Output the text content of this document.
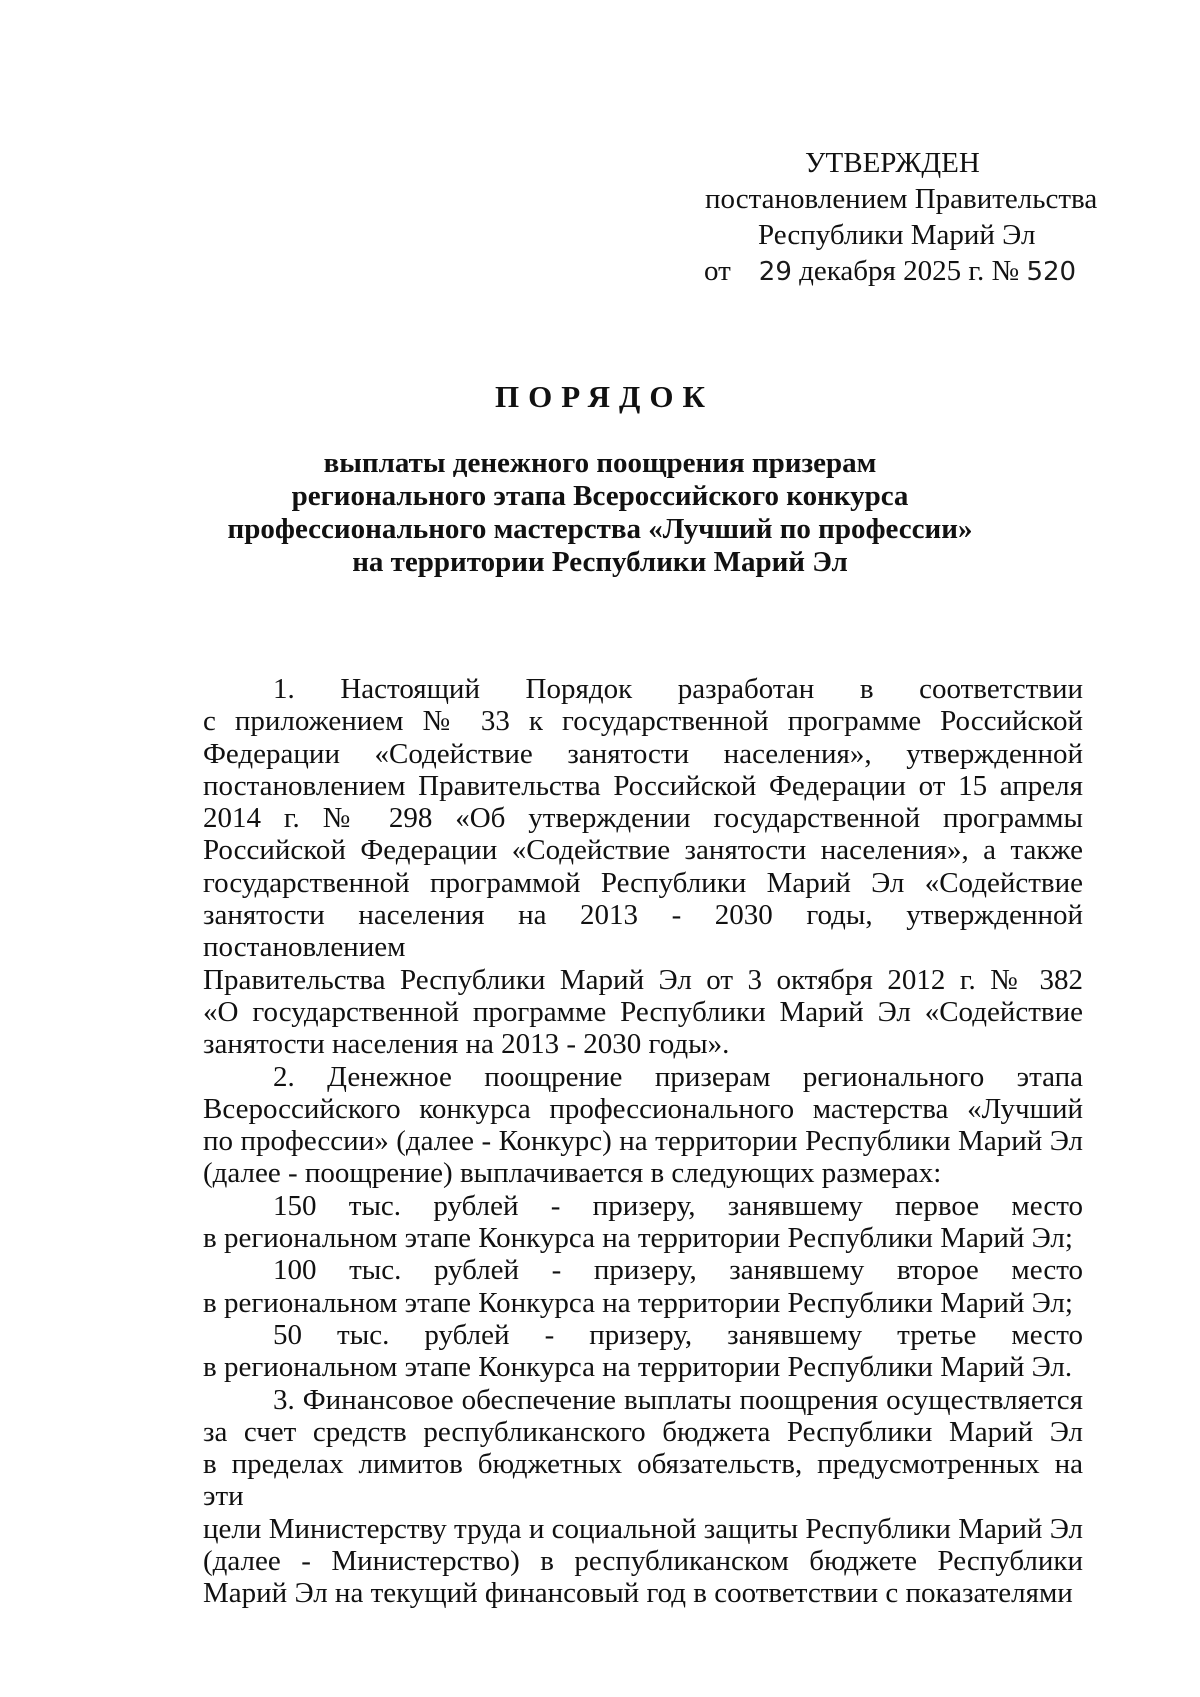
УТВЕРЖДЕН
постановлением Правительства
Республики Марий Эл
от 29 декабря 2025 г. № 520
ПОРЯДОК
выплаты денежного поощрения призерам
регионального этапа Всероссийского конкурса
профессионального мастерства «Лучший по профессии»
на территории Республики Марий Эл
1. Настоящий Порядок разработан в соответствии
с приложением № 33 к государственной программе Российской
Федерации «Содействие занятости населения», утвержденной
постановлением Правительства Российской Федерации от 15 апреля
2014 г. № 298 «Об утверждении государственной программы
Российской Федерации «Содействие занятости населения», а также
государственной программой Республики Марий Эл «Содействие
занятости населения на 2013 - 2030 годы, утвержденной постановлением
Правительства Республики Марий Эл от 3 октября 2012 г. № 382
«О государственной программе Республики Марий Эл «Содействие
занятости населения на 2013 - 2030 годы».
2. Денежное поощрение призерам регионального этапа
Всероссийского конкурса профессионального мастерства «Лучший
по профессии» (далее - Конкурс) на территории Республики Марий Эл
(далее - поощрение) выплачивается в следующих размерах:
150 тыс. рублей - призеру, занявшему первое место
в региональном этапе Конкурса на территории Республики Марий Эл;
100 тыс. рублей - призеру, занявшему второе место
в региональном этапе Конкурса на территории Республики Марий Эл;
50 тыс. рублей - призеру, занявшему третье место
в региональном этапе Конкурса на территории Республики Марий Эл.
3. Финансовое обеспечение выплаты поощрения осуществляется
за счет средств республиканского бюджета Республики Марий Эл
в пределах лимитов бюджетных обязательств, предусмотренных на эти
цели Министерству труда и социальной защиты Республики Марий Эл
(далее - Министерство) в республиканском бюджете Республики
Марий Эл на текущий финансовый год в соответствии с показателями
